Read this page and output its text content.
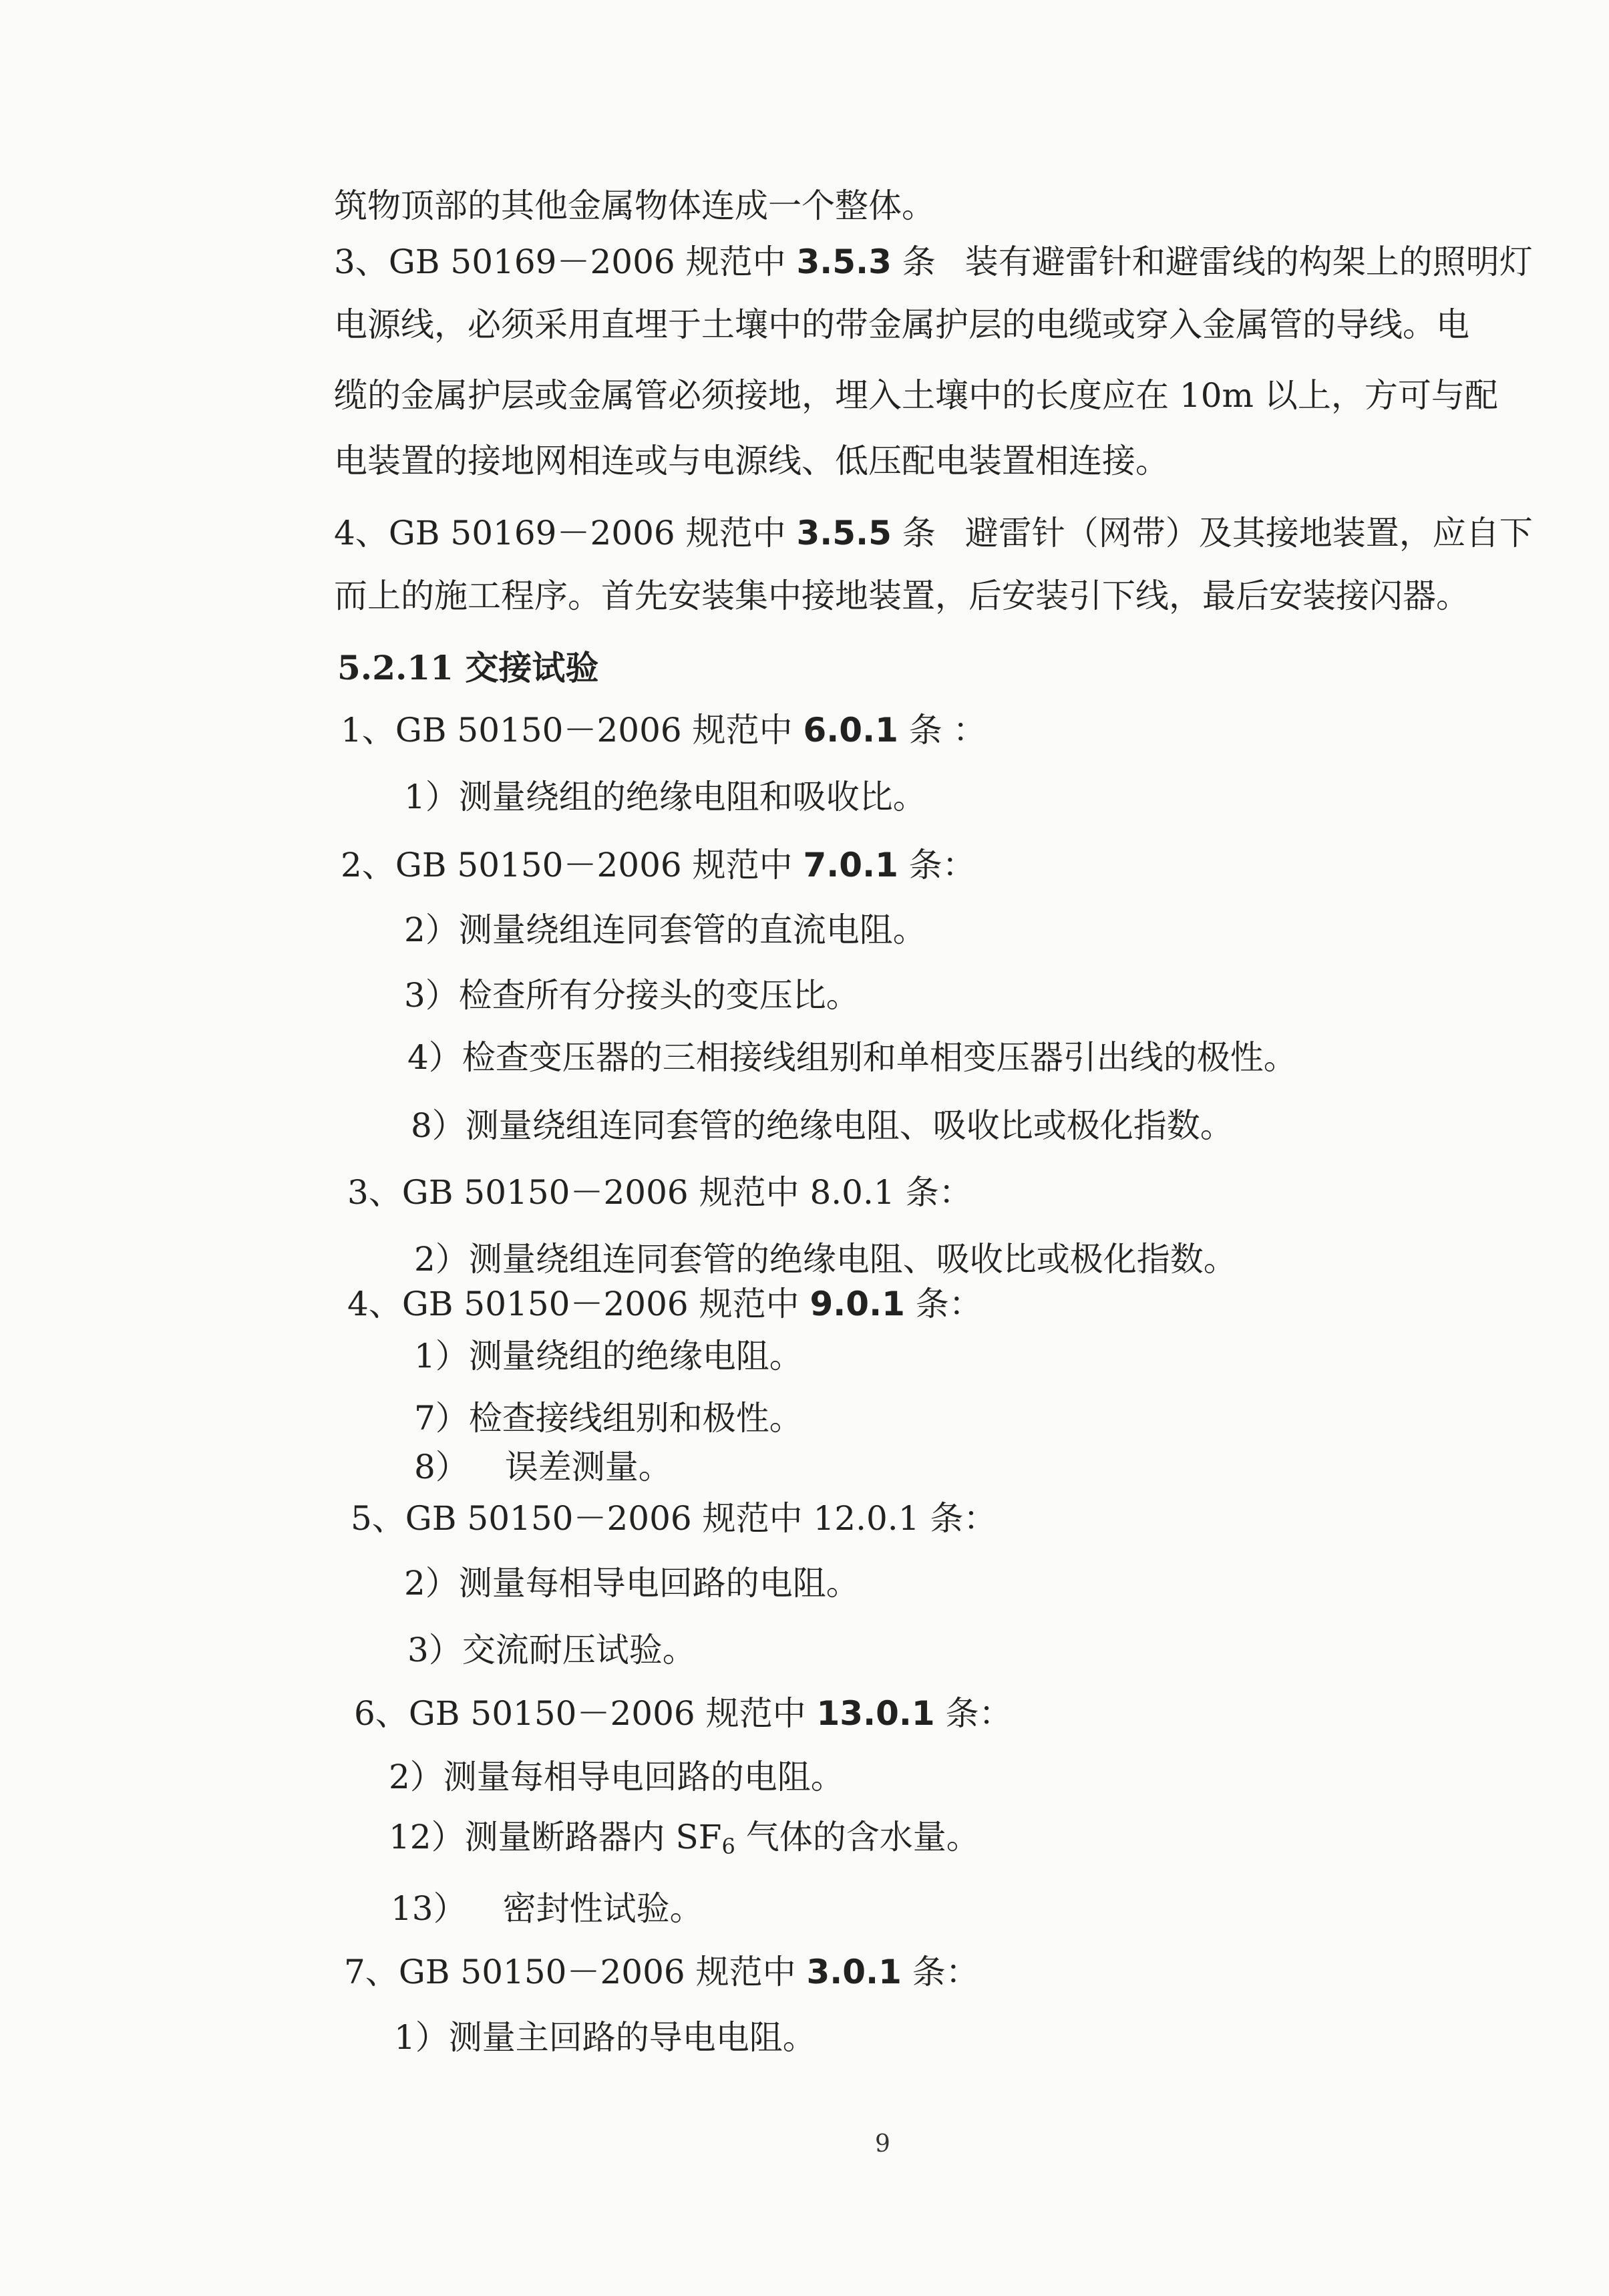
筑物顶部的其他金属物体连成一个整体。
3、GB 50169－2006 规范中 3.5.3 条 装有避雷针和避雷线的构架上的照明灯
电源线，必须采用直埋于土壤中的带金属护层的电缆或穿入金属管的导线。电
缆的金属护层或金属管必须接地，埋入土壤中的长度应在 10m 以上，方可与配
电装置的接地网相连或与电源线、低压配电装置相连接。
4、GB 50169－2006 规范中 3.5.5 条 避雷针（网带）及其接地装置，应自下
而上的施工程序。首先安装集中接地装置，后安装引下线，最后安装接闪器。
5.2.11 交接试验
1、GB 50150－2006 规范中 6.0.1 条 ：
1）测量绕组的绝缘电阻和吸收比。
2、GB 50150－2006 规范中 7.0.1 条：
2）测量绕组连同套管的直流电阻。
3）检查所有分接头的变压比。
4）检查变压器的三相接线组别和单相变压器引出线的极性。
8）测量绕组连同套管的绝缘电阻、吸收比或极化指数。
3、GB 50150－2006 规范中 8.0.1 条：
2）测量绕组连同套管的绝缘电阻、吸收比或极化指数。
4、GB 50150－2006 规范中 9.0.1 条：
1）测量绕组的绝缘电阻。
7）检查接线组别和极性。
8） 误差测量。
5、GB 50150－2006 规范中 12.0.1 条：
2）测量每相导电回路的电阻。
3）交流耐压试验。
6、GB 50150－2006 规范中 13.0.1 条：
2）测量每相导电回路的电阻。
12）测量断路器内 $SF_6$ 气体的含水量。
13） 密封性试验。
7、GB 50150－2006 规范中 3.0.1 条：
1）测量主回路的导电电阻。
9
